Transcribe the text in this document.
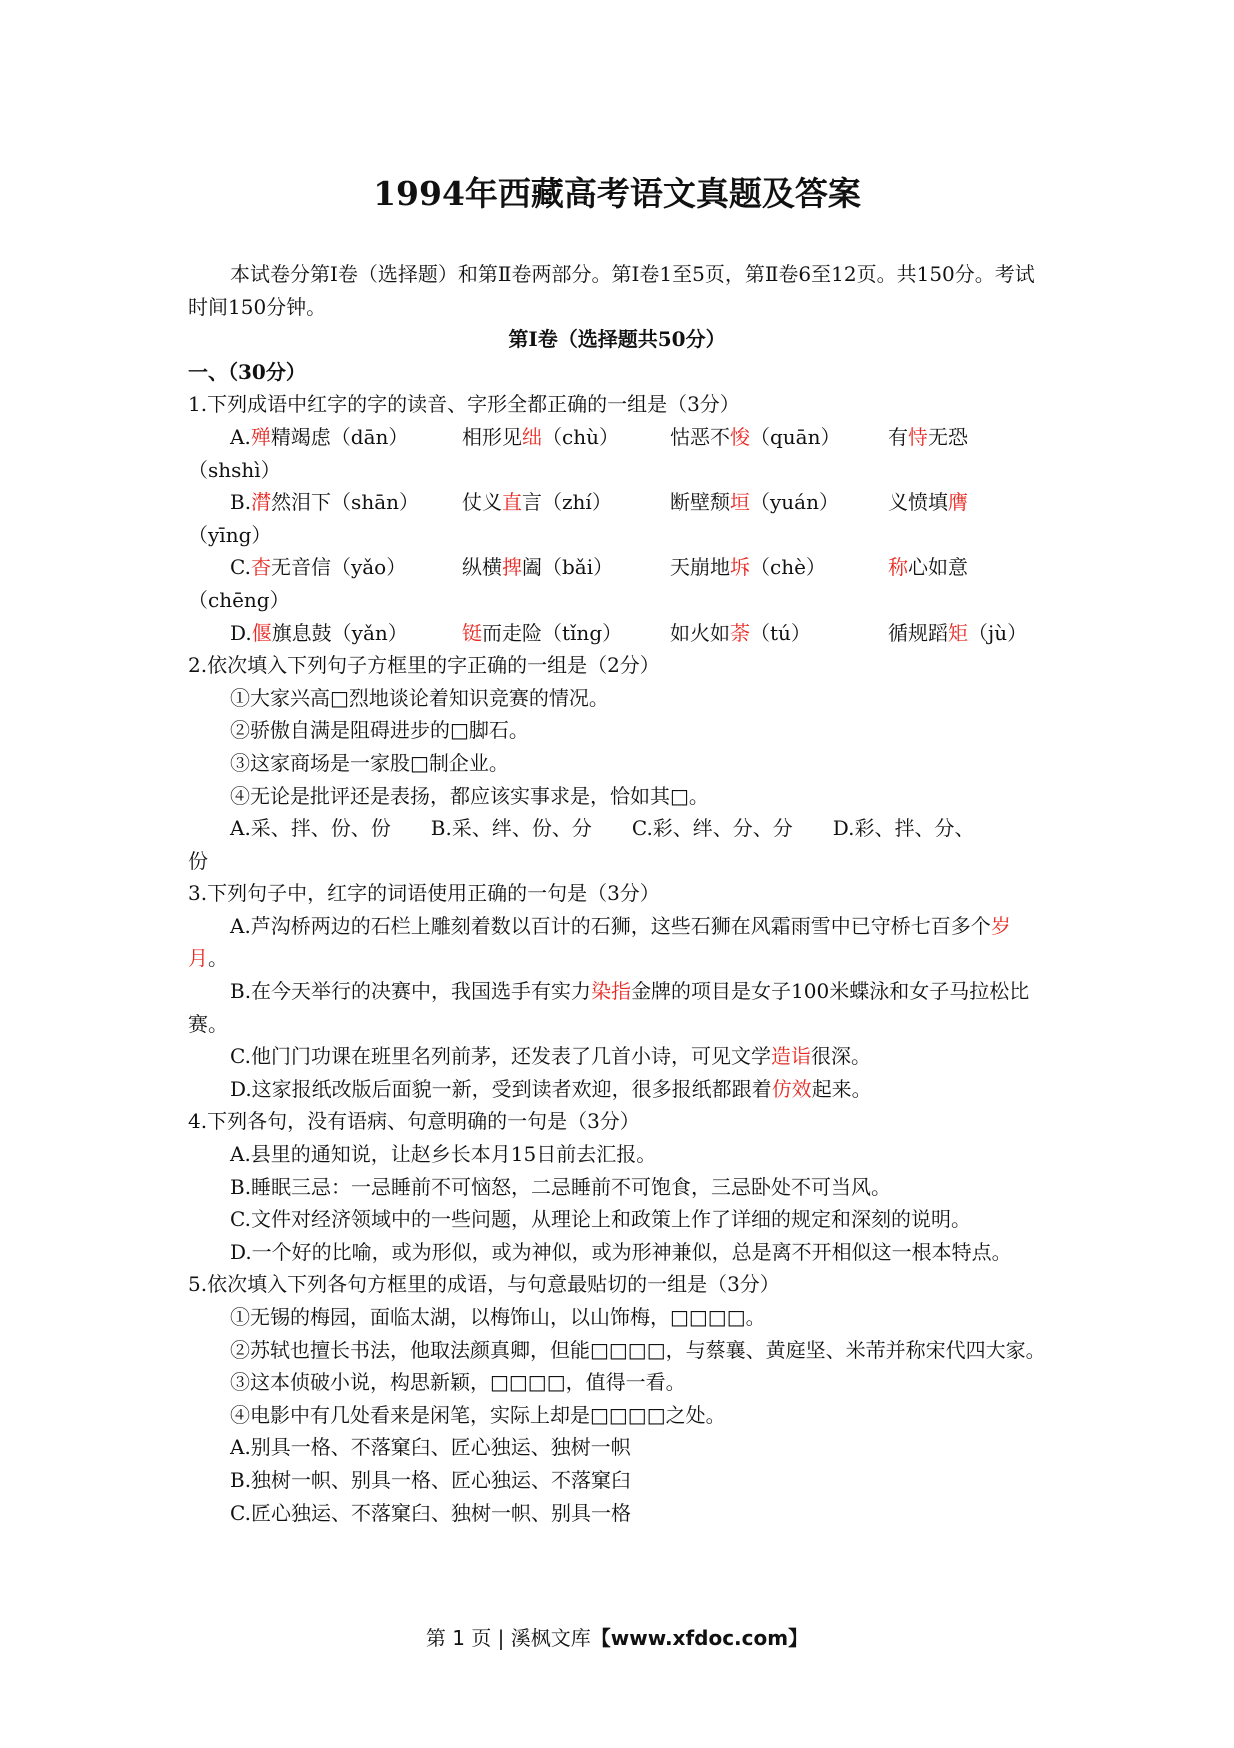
1994年西藏高考语文真题及答案

本试卷分第Ⅰ卷（选择题）和第Ⅱ卷两部分。第Ⅰ卷1至5页，第Ⅱ卷6至12页。共150分。考试时间150分钟。

第Ⅰ卷（选择题共50分）

一、（30分）

1.下列成语中红字的字的读音、字形全都正确的一组是（3分）

A.殚精竭虑（dān）	相形见绌（chù）	怙恶不悛（quān）	有恃无恐

（shshì）

B.潸然泪下（shān）	仗义直言（zhí）	断壁颓垣（yuán）	义愤填膺

（yīng）

C.杳无音信（yǎo）	纵横捭阖（bǎi）	天崩地坼（chè）	称心如意

（chēng）

D.偃旗息鼓（yǎn）	铤而走险（tǐng）	如火如荼（tú）	循规蹈矩（jù）

2.依次填入下列句子方框里的字正确的一组是（2分）

①大家兴高□烈地谈论着知识竞赛的情况。

②骄傲自满是阻碍进步的□脚石。

③这家商场是一家股□制企业。

④无论是批评还是表扬，都应该实事求是，恰如其□。

A.采、拌、份、份　　B.采、绊、份、分　　C.彩、绊、分、分　　D.彩、拌、分、

份

3.下列句子中，红字的词语使用正确的一句是（3分）

A.芦沟桥两边的石栏上雕刻着数以百计的石狮，这些石狮在风霜雨雪中已守桥七百多个岁月。

B.在今天举行的决赛中，我国选手有实力染指金牌的项目是女子100米蝶泳和女子马拉松比赛。

C.他门门功课在班里名列前茅，还发表了几首小诗，可见文学造诣很深。

D.这家报纸改版后面貌一新，受到读者欢迎，很多报纸都跟着仿效起来。

4.下列各句，没有语病、句意明确的一句是（3分）

A.县里的通知说，让赵乡长本月15日前去汇报。

B.睡眠三忌：一忌睡前不可恼怒，二忌睡前不可饱食，三忌卧处不可当风。

C.文件对经济领域中的一些问题，从理论上和政策上作了详细的规定和深刻的说明。

D.一个好的比喻，或为形似，或为神似，或为形神兼似，总是离不开相似这一根本特点。

5.依次填入下列各句方框里的成语，与句意最贴切的一组是（3分）

①无锡的梅园，面临太湖，以梅饰山，以山饰梅，□□□□。

②苏轼也擅长书法，他取法颜真卿，但能□□□□，与蔡襄、黄庭坚、米芾并称宋代四大家。

③这本侦破小说，构思新颖，□□□□，值得一看。

④电影中有几处看来是闲笔，实际上却是□□□□之处。

A.别具一格、不落窠臼、匠心独运、独树一帜

B.独树一帜、别具一格、匠心独运、不落窠臼

C.匠心独运、不落窠臼、独树一帜、别具一格

第 1 页 | 溪枫文库【www.xfdoc.com】
